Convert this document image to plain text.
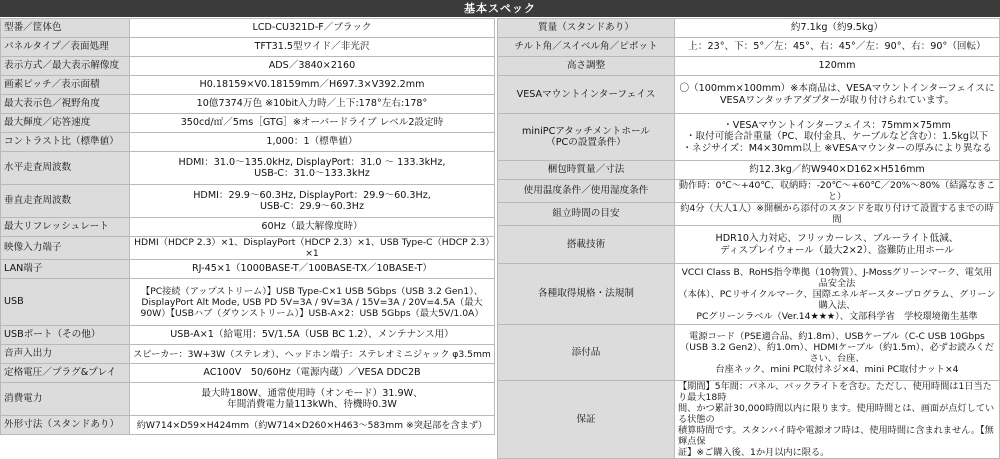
基本スペック
型番／筐体色	LCD-CU321D-F／ブラック
パネルタイプ／表面処理	TFT31.5型ワイド／非光沢
表示方式／最大表示解像度	ADS／3840×2160
画素ピッチ／表示面積	H0.18159×V0.18159mm／H697.3×V392.2mm
最大表示色／視野角度	10億7374万色 ※10bit入力時／上下:178°左右:178°
最大輝度／応答速度	350cd/㎡／5ms［GTG］※オーバードライブ レベル2設定時
コントラスト比（標準値）	1,000：1（標準値）
水平走査周波数	HDMI：31.0～135.0kHz, DisplayPort：31.0 ～ 133.3kHz,
USB-C：31.0～133.3kHz

垂直走査周波数	HDMI：29.9～60.3Hz, DisplayPort：29.9～60.3Hz,
USB-C：29.9～60.3Hz

最大リフレッシュレート	60Hz（最大解像度時）
映像入力端子	HDMI（HDCP 2.3）×1、DisplayPort（HDCP 2.3）×1、USB Type-C（HDCP 2.3）×1
LAN端子	RJ-45×1（1000BASE-T／100BASE-TX／10BASE-T）
USB	【PC接続（アップストリーム）】USB Type-C×1 USB 5Gbps（USB 3.2 Gen1）、
DisplayPort Alt Mode, USB PD 5V=3A / 9V=3A / 15V=3A / 20V=4.5A（最大
90W）【USBハブ（ダウンストリーム）】USB-A×2：USB 5Gbps（最大5V/1.0A）

USBポート（その他）	USB-A×1（給電用：5V/1.5A（USB BC 1.2）、メンテナンス用）
音声入出力	スピーカー：3W+3W（ステレオ）、ヘッドホン端子：ステレオミニジャック φ3.5mm
定格電圧／プラグ&プレイ	AC100V　50/60Hz（電源内蔵）／VESA DDC2B
消費電力	最大時180W、通常使用時（オンモード）31.9W、
年間消費電力量113kWh、待機時0.3W

外形寸法（スタンドあり）	約W714×D59×H424mm（約W714×D260×H463～583mm ※突起部を含まず）
質量（スタンドあり）	約7.1kg（約9.5kg）
チルト角／スイベル角／ピボット	上：23°、下：5°／左：45°、右：45°／左：90°、右：90°（回転）
高さ調整	120mm
VESAマウントインターフェイス	〇（100mm×100mm）※本商品は、VESAマウントインターフェイスに
VESAワンタッチアダプターが取り付けられています。

miniPCアタッチメントホール
（PCの設置条件）	・VESAマウントインターフェイス：75mm×75mm
・取付可能合計重量（PC、取付金具、ケーブルなど含む）：1.5kg以下
・ネジサイズ：M4×30mm以上 ※VESAマウンターの厚みにより異なる

梱包時質量／寸法	約12.3kg／約W940×D162×H516mm
使用温度条件／使用湿度条件	動作時：0℃～+40℃、収納時：-20℃～+60℃／20%～80%（結露なきこと）
組立時間の目安	約4分（大人1人）※開梱から添付のスタンドを取り付けて設置するまでの時間
搭載技術	HDR10入力対応、フリッカーレス、ブルーライト低減、
ディスプレイウォール（最大2×2）、盗難防止用ホール

各種取得規格・法規制	VCCI Class B、RoHS指令準拠（10物質）、J-Mossグリーンマーク、電気用品安全法
（本体）、PCリサイクルマーク、国際エネルギースタープログラム、グリーン購入法、
PCグリーンラベル（Ver.14★★★）、文部科学省　学校環境衛生基準

添付品	電源コード（PSE適合品、約1.8m）、USBケーブル（C-C USB 10Gbps
（USB 3.2 Gen2）、約1.0m）、HDMIケーブル（約1.5m）、必ずお読みください、台座、
台座ネック、mini PC取付ネジ×4、mini PC取付ナット×4

保証	【期間】5年間：パネル、バックライトを含む。ただし、使用時間は1日当たり最大18時
間、かつ累計30,000時間以内に限ります。使用時間とは、画面が点灯している状態の
積算時間です。スタンバイ時や電源オフ時は、使用時間に含まれません。【無輝点保
証】※ご購入後、1か月以内に限る。
